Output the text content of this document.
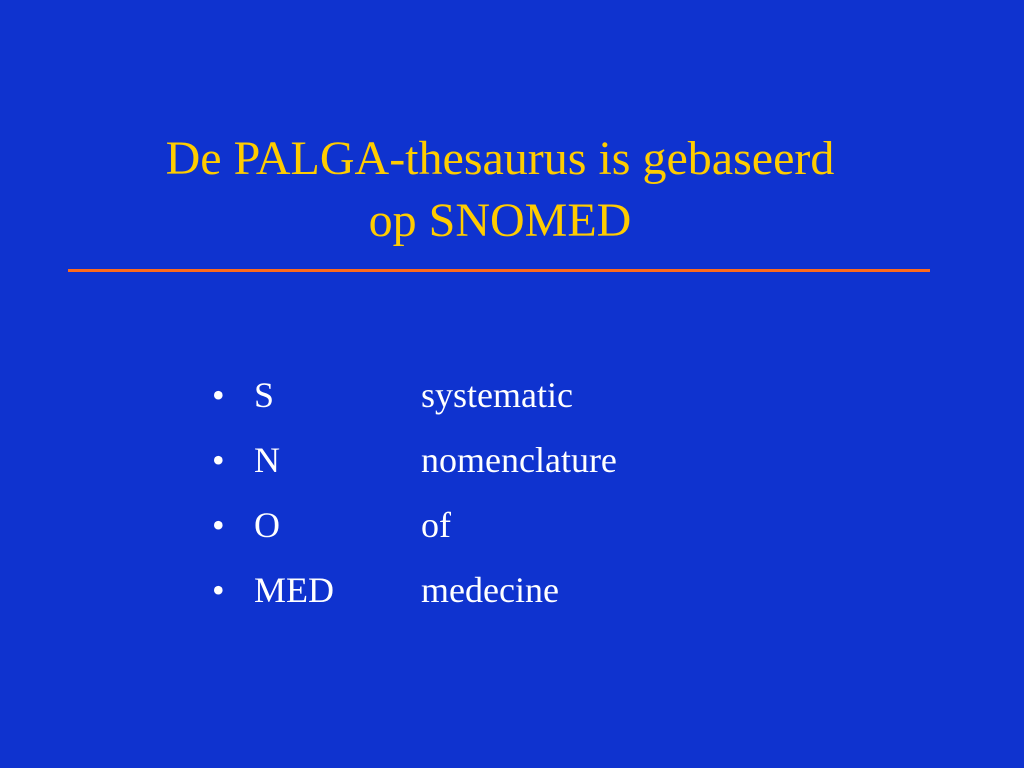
De PALGA-thesaurus is gebaseerd
op SNOMED
• S	systematic
• N	nomenclature
• O	of
• MED medecine
